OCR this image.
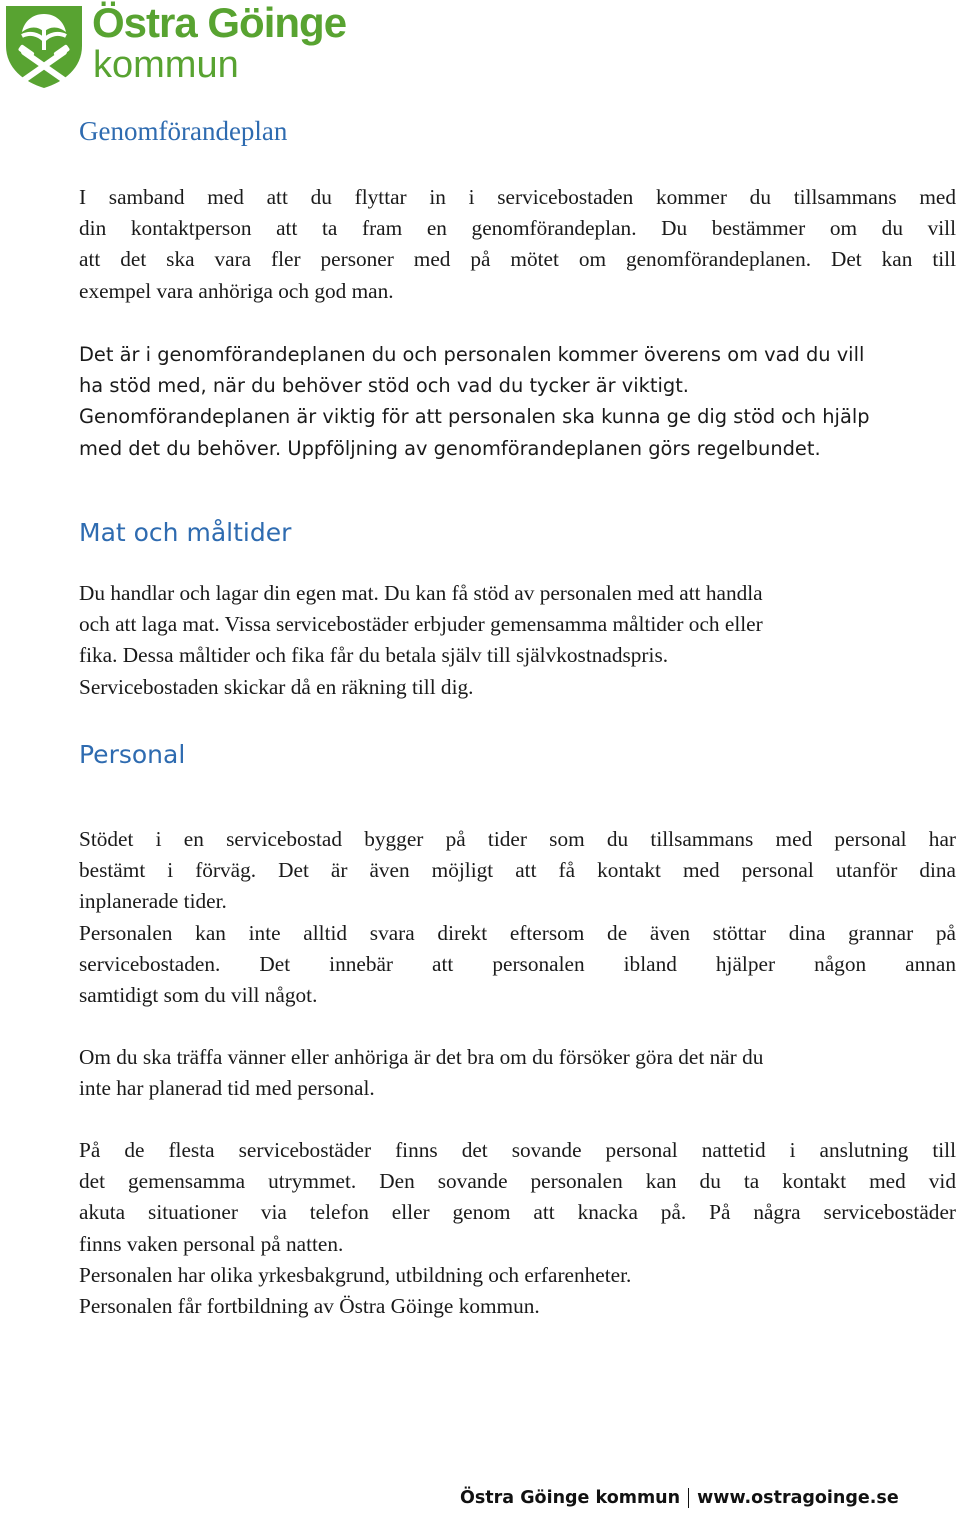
Östra Göinge
kommun
Genomförandeplan
I samband med att du flyttar in i servicebostaden kommer du tillsammans med
din kontaktperson att ta fram en genomförandeplan. Du bestämmer om du vill
att det ska vara fler personer med på mötet om genomförandeplanen. Det kan till
exempel vara anhöriga och god man.
Det är i genomförandeplanen du och personalen kommer överens om vad du vill
ha stöd med, när du behöver stöd och vad du tycker är viktigt.
Genomförandeplanen är viktig för att personalen ska kunna ge dig stöd och hjälp
med det du behöver. Uppföljning av genomförandeplanen görs regelbundet.
Mat och måltider
Du handlar och lagar din egen mat. Du kan få stöd av personalen med att handla
och att laga mat. Vissa servicebostäder erbjuder gemensamma måltider och eller
fika. Dessa måltider och fika får du betala själv till självkostnadspris.
Servicebostaden skickar då en räkning till dig.
Personal
Stödet i en servicebostad bygger på tider som du tillsammans med personal har
bestämt i förväg. Det är även möjligt att få kontakt med personal utanför dina
inplanerade tider.
Personalen kan inte alltid svara direkt eftersom de även stöttar dina grannar på
servicebostaden. Det innebär att personalen ibland hjälper någon annan
samtidigt som du vill något.
Om du ska träffa vänner eller anhöriga är det bra om du försöker göra det när du
inte har planerad tid med personal.
På de flesta servicebostäder finns det sovande personal nattetid i anslutning till
det gemensamma utrymmet. Den sovande personalen kan du ta kontakt med vid
akuta situationer via telefon eller genom att knacka på. På några servicebostäder
finns vaken personal på natten.
Personalen har olika yrkesbakgrund, utbildning och erfarenheter.
Personalen får fortbildning av Östra Göinge kommun.
Östra Göinge kommun www.ostragoinge.se
